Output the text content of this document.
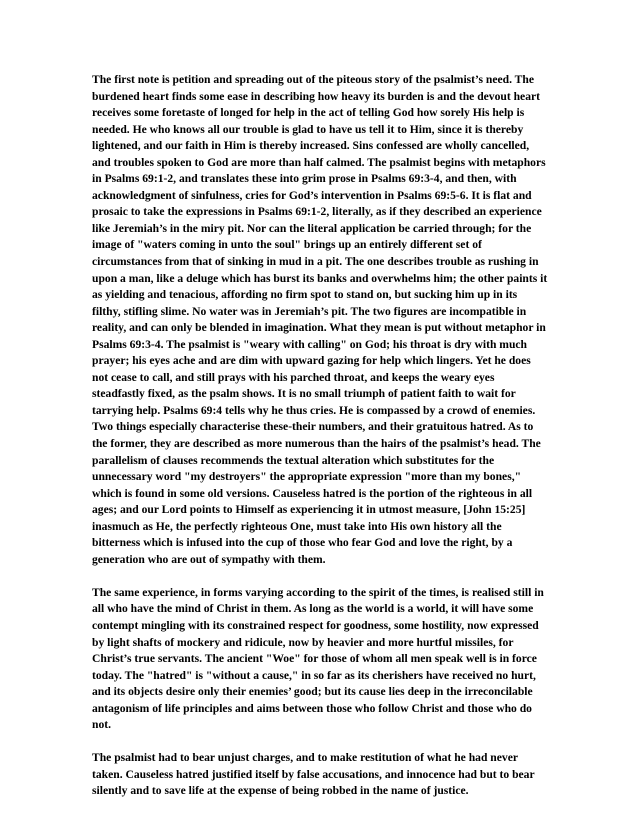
The first note is petition and spreading out of the piteous story of the psalmist’s need. The burdened heart finds some ease in describing how heavy its burden is and the devout heart receives some foretaste of longed for help in the act of telling God how sorely His help is needed. He who knows all our trouble is glad to have us tell it to Him, since it is thereby lightened, and our faith in Him is thereby increased. Sins confessed are wholly cancelled, and troubles spoken to God are more than half calmed. The psalmist begins with metaphors in Psalms 69:1-2, and translates these into grim prose in Psalms 69:3-4, and then, with acknowledgment of sinfulness, cries for God’s intervention in Psalms 69:5-6. It is flat and prosaic to take the expressions in Psalms 69:1-2, literally, as if they described an experience like Jeremiah’s in the miry pit. Nor can the literal application be carried through; for the image of "waters coming in unto the soul" brings up an entirely different set of circumstances from that of sinking in mud in a pit. The one describes trouble as rushing in upon a man, like a deluge which has burst its banks and overwhelms him; the other paints it as yielding and tenacious, affording no firm spot to stand on, but sucking him up in its filthy, stifling slime. No water was in Jeremiah’s pit. The two figures are incompatible in reality, and can only be blended in imagination. What they mean is put without metaphor in Psalms 69:3-4. The psalmist is "weary with calling" on God; his throat is dry with much prayer; his eyes ache and are dim with upward gazing for help which lingers. Yet he does not cease to call, and still prays with his parched throat, and keeps the weary eyes steadfastly fixed, as the psalm shows. It is no small triumph of patient faith to wait for tarrying help. Psalms 69:4 tells why he thus cries. He is compassed by a crowd of enemies. Two things especially characterise these-their numbers, and their gratuitous hatred. As to the former, they are described as more numerous than the hairs of the psalmist’s head. The parallelism of clauses recommends the textual alteration which substitutes for the unnecessary word "my destroyers" the appropriate expression "more than my bones," which is found in some old versions. Causeless hatred is the portion of the righteous in all ages; and our Lord points to Himself as experiencing it in utmost measure, [John 15:25] inasmuch as He, the perfectly righteous One, must take into His own history all the bitterness which is infused into the cup of those who fear God and love the right, by a generation who are out of sympathy with them.

The same experience, in forms varying according to the spirit of the times, is realised still in all who have the mind of Christ in them. As long as the world is a world, it will have some contempt mingling with its constrained respect for goodness, some hostility, now expressed by light shafts of mockery and ridicule, now by heavier and more hurtful missiles, for Christ’s true servants. The ancient "Woe" for those of whom all men speak well is in force today. The "hatred" is "without a cause," in so far as its cherishers have received no hurt, and its objects desire only their enemies’ good; but its cause lies deep in the irreconcilable antagonism of life principles and aims between those who follow Christ and those who do not.

The psalmist had to bear unjust charges, and to make restitution of what he had never taken. Causeless hatred justified itself by false accusations, and innocence had but to bear silently and to save life at the expense of being robbed in the name of justice.
